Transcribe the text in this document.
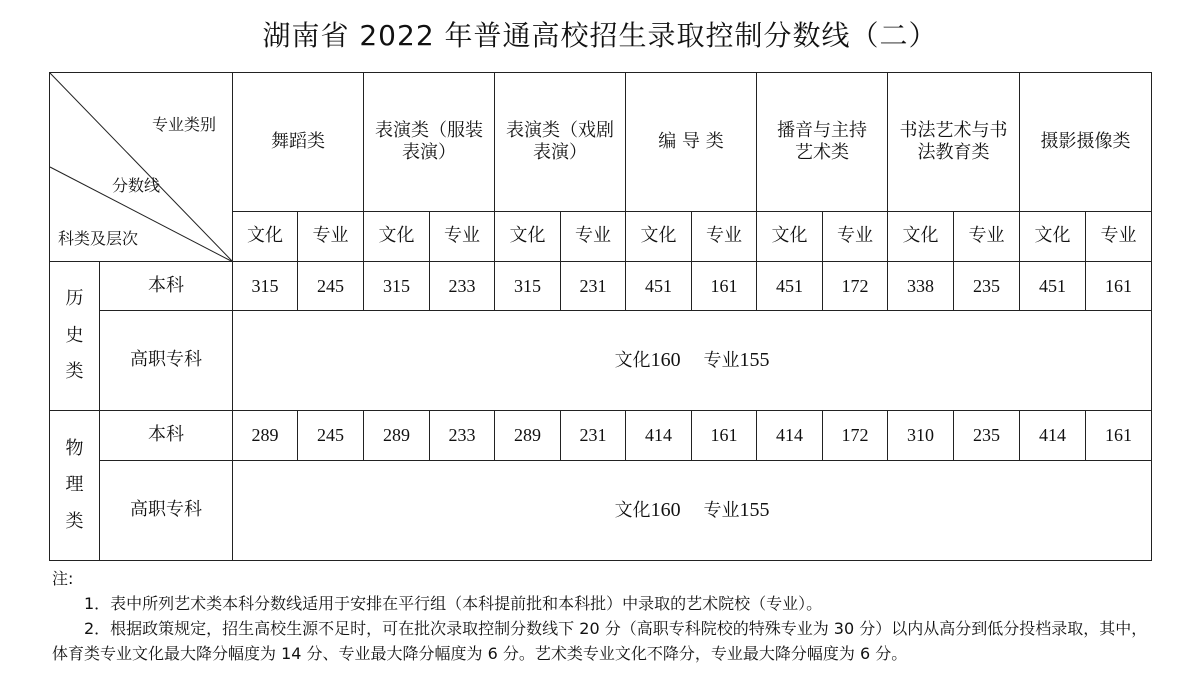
湖南省 2022 年普通高校招生录取控制分数线（二）
专业类别
分数线
科类及层次		舞蹈类		表演类（服装表演）		表演类（戏剧表演）		编 导 类		播音与主持艺术类		书法艺术与书法教育类		摄影摄像类	
		文化	专业	文化	专业	文化	专业	文化	专业	文化	专业	文化	专业	文化	专业

历
史
类	本科	315	245	315	233	315	231	451	161	451	172	338	235	451	161
	高职专科	文化160 专业155													

物
理
类	本科	289	245	289	233	289	231	414	161	414	172	310	235	414	161
	高职专科	文化160 专业155													
注:
1．表中所列艺术类本科分数线适用于安排在平行组（本科提前批和本科批）中录取的艺术院校（专业）。
2．根据政策规定，招生高校生源不足时，可在批次录取控制分数线下 20 分（高职专科院校的特殊专业为 30 分）以内从高分到低分投档录取，其中，体育类专业文化最大降分幅度为 14 分、专业最大降分幅度为 6 分。艺术类专业文化不降分，专业最大降分幅度为 6 分。
